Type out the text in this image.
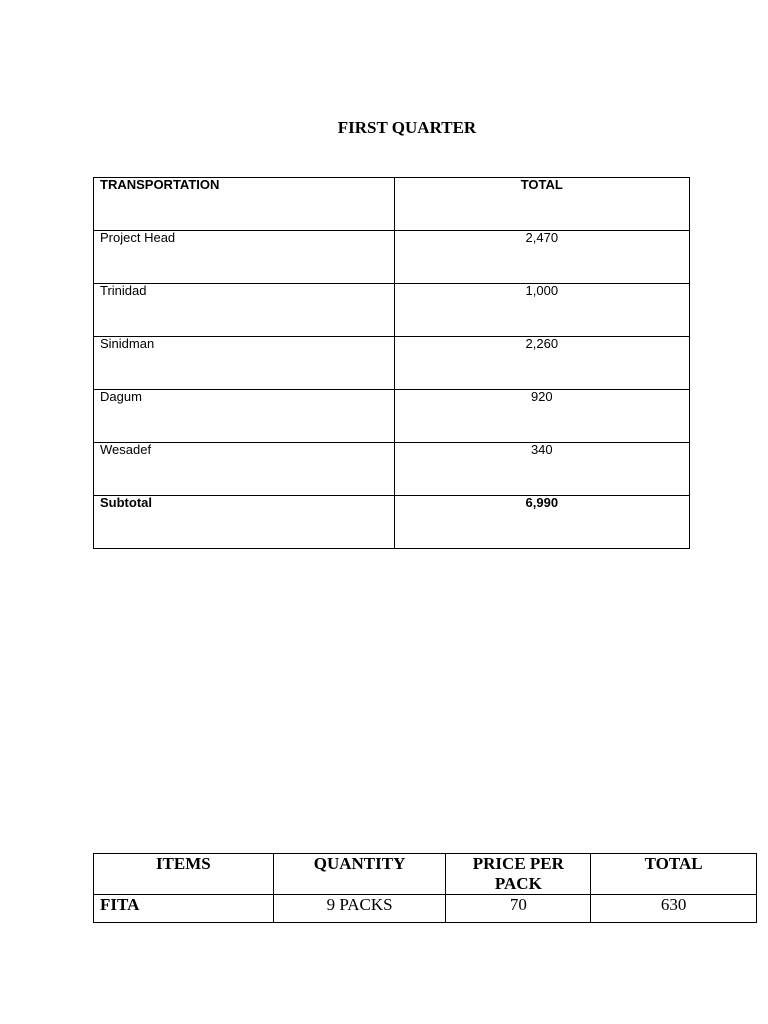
FIRST QUARTER
TRANSPORTATION	TOTAL

Project Head	2,470

Trinidad	1,000

Sinidman	2,260

Dagum	920

Wesadef	340

Subtotal	6,990
ITEMS	QUANTITY	PRICE PER PACK	TOTAL
FITA	9 PACKS	70	630
